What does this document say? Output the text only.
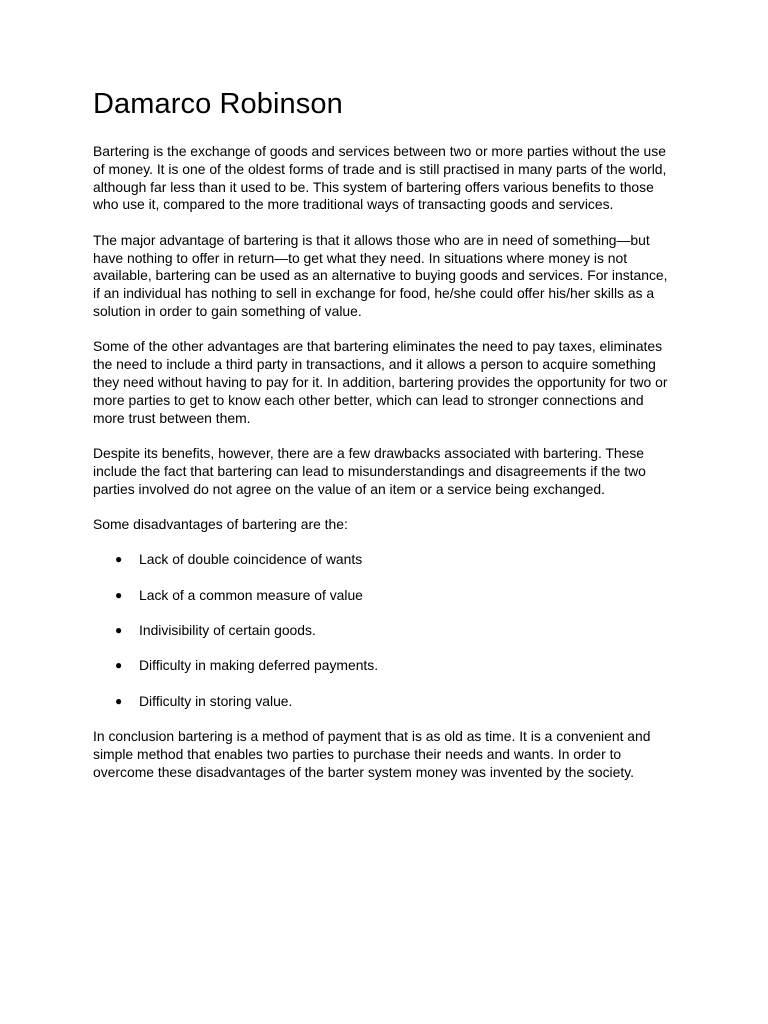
Damarco Robinson

Bartering is the exchange of goods and services between two or more parties without the use of money. It is one of the oldest forms of trade and is still practised in many parts of the world, although far less than it used to be. This system of bartering offers various benefits to those who use it, compared to the more traditional ways of transacting goods and services.

The major advantage of bartering is that it allows those who are in need of something—but have nothing to offer in return—to get what they need. In situations where money is not available, bartering can be used as an alternative to buying goods and services. For instance, if an individual has nothing to sell in exchange for food, he/she could offer his/her skills as a solution in order to gain something of value.

Some of the other advantages are that bartering eliminates the need to pay taxes, eliminates the need to include a third party in transactions, and it allows a person to acquire something they need without having to pay for it. In addition, bartering provides the opportunity for two or more parties to get to know each other better, which can lead to stronger connections and more trust between them.

Despite its benefits, however, there are a few drawbacks associated with bartering. These include the fact that bartering can lead to misunderstandings and disagreements if the two parties involved do not agree on the value of an item or a service being exchanged.

Some disadvantages of bartering are the:

● Lack of double coincidence of wants
● Lack of a common measure of value
● Indivisibility of certain goods.
● Difficulty in making deferred payments.
● Difficulty in storing value.

In conclusion bartering is a method of payment that is as old as time. It is a convenient and simple method that enables two parties to purchase their needs and wants. In order to overcome these disadvantages of the barter system money was invented by the society.
